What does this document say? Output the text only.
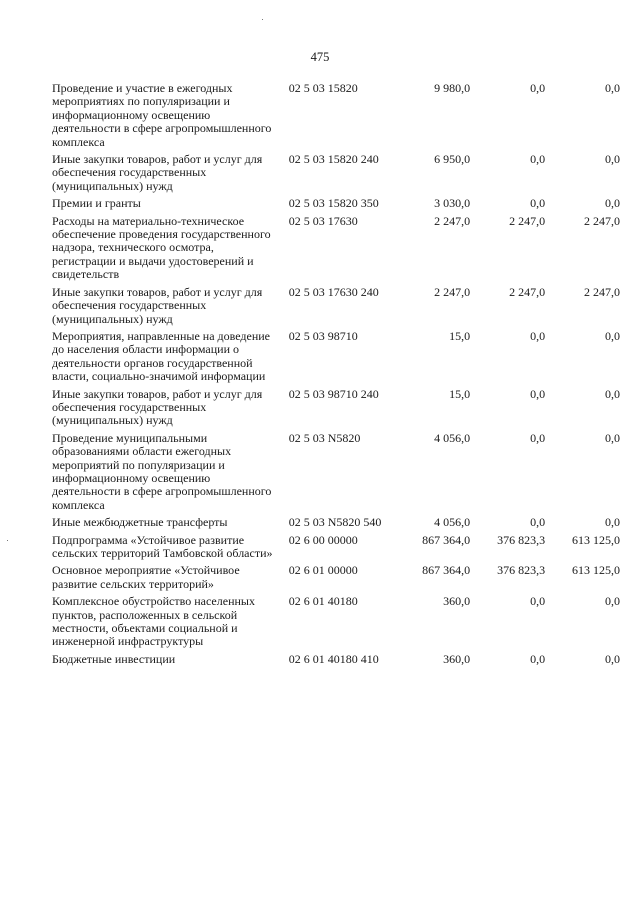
475
Проведение и участие в ежегодных мероприятиях по популяризации и информационному освещению деятельности в сфере агропромышленного комплекса
02 5 03 15820	9 980,0	0,0	0,0
Иные закупки товаров, работ и услуг для обеспечения государственных (муниципальных) нужд
02 5 03 15820 240	6 950,0	0,0	0,0
Премии и гранты	02 5 03 15820 350	3 030,0	0,0	0,0
Расходы на материально-техническое обеспечение проведения государственного надзора, технического осмотра, регистрации и выдачи удостоверений и свидетельств
02 5 03 17630	2 247,0	2 247,0	2 247,0
Иные закупки товаров, работ и услуг для обеспечения государственных (муниципальных) нужд
02 5 03 17630 240	2 247,0	2 247,0	2 247,0
Мероприятия, направленные на доведение до населения области информации о деятельности органов государственной власти, социально-значимой информации
02 5 03 98710	15,0	0,0	0,0
Иные закупки товаров, работ и услуг для обеспечения государственных (муниципальных) нужд
02 5 03 98710 240	15,0	0,0	0,0
Проведение муниципальными образованиями области ежегодных мероприятий по популяризации и информационному освещению деятельности в сфере агропромышленного комплекса
02 5 03 N5820	4 056,0	0,0	0,0
Иные межбюджетные трансферты	02 5 03 N5820 540	4 056,0	0,0	0,0
Подпрограмма «Устойчивое развитие сельских территорий Тамбовской области»
02 6 00 00000	867 364,0	376 823,3	613 125,0
Основное мероприятие «Устойчивое развитие сельских территорий»
02 6 01 00000	867 364,0	376 823,3	613 125,0
Комплексное обустройство населенных пунктов, расположенных в сельской местности, объектами социальной и инженерной инфраструктуры
02 6 01 40180	360,0	0,0	0,0
Бюджетные инвестиции	02 6 01 40180 410	360,0	0,0	0,0
